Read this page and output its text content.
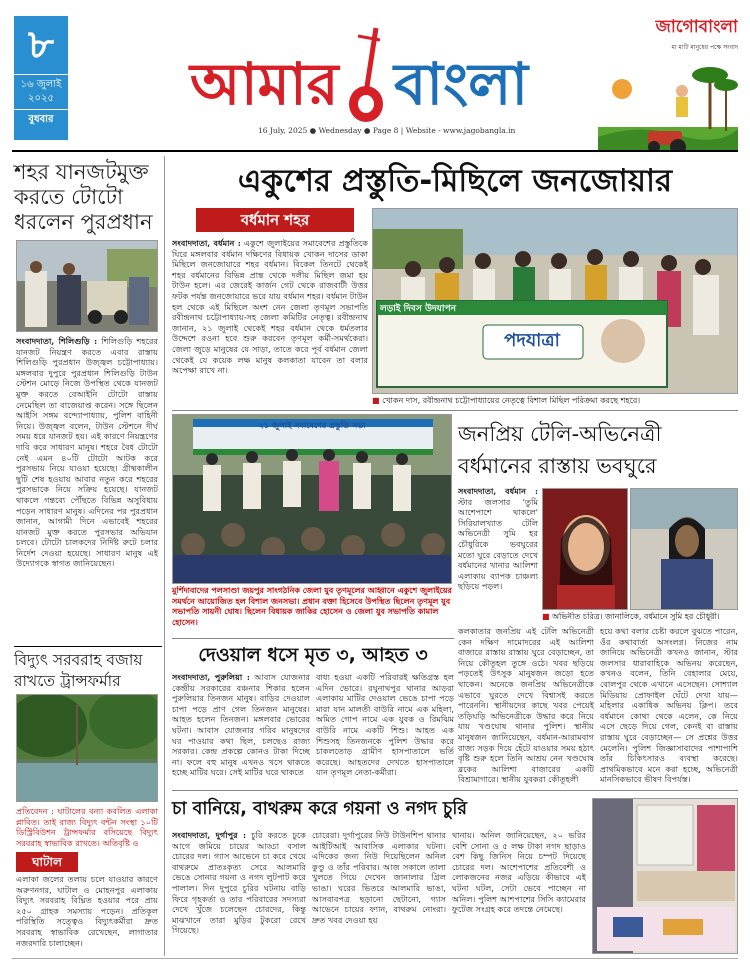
৮
১৬ জুলাই
২০২৫
বুধবার
আমার বাংলা
16 July, 2025 ● Wednesday ● Page 8 | Website - www.jagobangla.in
জাগোবাংলা
মা মাটি মানুষের পক্ষে সংবাদ
শহর যানজটমুক্ত করতে টোটো ধরলেন পুরপ্রধান
সংবাদদাতা, শিলিগুড়ি : শিলিগুড়ি শহরের যানজট নিয়ন্ত্রণ করতে এবার রাস্তায় শিলিগুড়ি পুরপ্রধান উজ্জ্বল চট্টোপাধ্যায়। মঙ্গলবার দুপুরে পুরপ্রধান শিলিগুড়ি টাউন স্টেশন মোড়ে নিজে উপস্থিত থেকে যানজট মুক্ত করতে বেআইনি টোটো রাস্তায় নেমেছিল তা বাজেয়াপ্ত করেন। সঙ্গে ছিলেন আইসি সঙ্গম বন্দ্যোপাধ্যায়, পুলিশ বাহিনী নিয়ে। উজ্জ্বল বলেন, টাউন স্টেশনে দীর্ঘ সময় ধরে যানজট হয়। এই কারণে নিয়ন্ত্রণের দাবি করে সাধারণ মানুষ। শহরে বৈধ টোটো নেই এমন ৪০টি টোটো আটক করে পুরসভায় নিয়ে যাওয়া হয়েছে। গ্রীষ্মকালীন ছুটি শেষ হওয়ায় আবার নতুন করে শহরের পুরসভাকে নিয়ে সক্রিয় হয়েছে। যানজট থাকলে গন্তব্যে পৌঁছতে বিভিন্ন অসুবিধায় পড়েন সাধারণ মানুষ। এদিনের পর পুরপ্রধান জানান, আগামী দিনে এভাবেই শহরের যানজট মুক্ত করতে পুরসভার অভিযান চলবে। টোটো চালকদের নির্দিষ্ট রুটে চলার নির্দেশ দেওয়া হয়েছে। সাধারণ মানুষ এই উদ্যোগকে স্বাগত জানিয়েছেন।
বিদ্যুৎ সরবরাহ বজায় রাখতে ট্রান্সফর্মার
প্রতিবেদন : ঘাটালের বন্যা কবলিত এলাকা প্লাবিত। তাই রাজ্য বিদ্যুৎ বন্টন সংস্থা ১০টি ডিস্ট্রিবিউশন ট্রান্সফর্মার বসিয়েছে বিদ্যুৎ সরবরাহ স্বাভাবিক রাখতে। অতিবৃষ্টি ও
ঘাটাল
এলাকা জলের তলায় চলে যাওয়ার কারণে অরুণনগর, ঘাটাল ও মোহনপুর এলাকায় বিদ্যুৎ সরবরাহ বিঘ্নিত হওয়ার পরে প্রায় ২৫০ গ্রাহক সমস্যায় পড়েন। প্রতিকূল পরিস্থিতি সত্ত্বেও বিদ্যুৎকর্মীরা দ্রুত সরবরাহ স্বাভাবিক রেখেছেন, লাগাতার নজরদারি চালাচ্ছেন।
একুশের প্রস্তুতি-মিছিলে জনজোয়ার
বর্ধমান শহর
সংবাদদাতা, বর্ধমান : একুশে জুলাইয়ের সমাবেশের প্রস্তুতিকে ঘিরে মঙ্গলবার বর্ধমান দক্ষিণের বিধায়ক খোকন দাসের ডাকা মিছিলে জনজোয়ারে শহর বর্ধমান। বিকেল তিনটে থেকেই শহর বর্ধমানের বিভিন্ন প্রান্ত থেকে দলীয় মিছিল জমা হয় টাউন হলে। এর জেরেই কার্জন গেট থেকে রাজবাটী উত্তর ফটক পর্যন্ত জনজোয়ারে ভরে যায় বর্ধমান শহর। বর্ধমান টাউন হল থেকে এই মিছিলে অংশ নেন জেলা তৃণমূল সভাপতি রবীন্দ্রনাথ চট্টোপাধ্যায়-সহ জেলা কমিটির নেতৃত্ব। রবীন্দ্রনাথ জানান, ২১ জুলাই থেকেই শহর বর্ধমান থেকে ধর্মতলার উদ্দেশে রওনা হবে শুরু করবেন তৃণমূল কর্মী-সমর্থকেরা। জেলা জুড়ে মানুষের যে সাড়া, তাতে করে পূর্ব বর্ধমান জেলা থেকেই যে কয়েক লক্ষ মানুষ কলকাতা যাবেন তা বলার অপেক্ষা রাখে না।
লড়াই দিবস উদযাপন
পদযাত্রা
■ খোকন দাস, রবীন্দ্রনাথ চট্টোপাধ্যায়ের নেতৃত্বে বিশাল মিছিল পরিক্রমা করছে শহরে।
২১ জুলাই সমাবেশের প্রস্তুতি সভা
মুর্শিদাবাদের পলসাণ্ডা জয়পুর সাংগঠনিক জেলা যুব তৃণমূলের আহ্বানে একুশে জুলাইয়ের সমর্থনে আয়োজিত হল বিশাল জনসভা। প্রধান বক্তা হিসেবে উপস্থিত ছিলেন তৃণমূল যুব সভাপতি সায়নী ঘোষ। ছিলেন বিধায়ক জাকির হোসেন ও জেলা যুব সভাপতি কামাল হোসেন।
জনপ্রিয় টেলি-অভিনেত্রী বর্ধমানের রাস্তায় ভবঘুরে
সংবাদদাতা, বর্ধমান : স্টার জলসার 'তুমি আশেপাশে থাকলে' সিরিয়ালখ্যাত টেলি অভিনেত্রী সুমি হর চৌধুরিকে ভবঘুরের মতো ঘুরে বেড়াতে দেখে বর্ধমানের খানার আলিশা এলাকায় ব্যাপক চাঞ্চল্য ছড়িয়ে পড়ল।
■ অভিনীত চরিত্র। জানালিকে, বর্ধমানে সুমি হর চৌধুরী।
কলকাতার জনপ্রিয় এই টেলি অভিনেত্রী কেন দক্ষিণ দামোদরের এই আলিশা বাজারে রাস্তায় রাস্তায় ঘুরে বেড়াচ্ছেন, তা নিয়ে কৌতূহল তুঙ্গে ওঠে। খবর ছড়িয়ে পড়তেই উৎসুক মানুষজন জড়ো হতে থাকেন। অনেকে জনপ্রিয় অভিনেত্রীকে এভাবে ঘুরতে দেখে বিশ্বাসই করতে পারেননি। স্থানীয়দের কাছে খবর পেয়েই তড়িঘড়ি অভিনেত্রীকে উদ্ধার করে নিয়ে যায় খণ্ডঘোষ থানার পুলিশ। স্থানীয় মানুষজন জানিয়েছেন, বর্ধমান-আরামবাগ রাজ্য সড়ক দিয়ে হেঁটে যাওয়ার সময় হঠাৎ বৃষ্টি শুরু হলে তিনি আশ্রয় নেন খণ্ডঘোষ ব্লকের আলিশা বাজারের একটি বিশ্রামাগারে। স্থানীয় যুবকরা কৌতূহলী
হয়ে কথা বলার চেষ্টা করলে বুঝতে পারেন, ওঁর কথাবার্তা অসংলগ্ন। নিজের নাম জানিয়ে অভিনেত্রী কখনও জানান, স্টার জলসার ধারাবাহিকে অভিনয় করেছেন, কখনও বলেন, তিনি বেহালার মেয়ে, বোলপুর থেকে এখানে এসেছেন। সোশ্যাল মিডিয়ায় প্রোফাইল ঘেঁটে দেখা যায়— মহিলার একাধিক অভিনয় ক্লিপ। তবে বর্ধমানে কোথা থেকে এলেন, কে নিয়ে এসে ছেড়ে দিয়ে গেল, কেনই বা রাস্তায় রাস্তায় ঘুরে বেড়াচ্ছেন— সে প্রশ্নের উত্তর মেলেনি। পুলিশ জিজ্ঞাসাবাদের পাশাপাশি তাঁর চিকিৎসারও ব্যবস্থা করেছে। প্রাথমিকভাবে মনে করা হচ্ছে, অভিনেত্রী মানসিকভাবে ভীষণ বিপর্যস্ত।
দেওয়াল ধসে মৃত ৩, আহত ৩
সংবাদদাতা, পুরুলিয়া : আবাস যোজনার কেন্দ্রীয় সরকারের বঞ্চনার শিকার হলেন পুরুলিয়ার তিনজন মানুষ। বাড়ির দেওয়াল চাপা পড়ে প্রাণ গেল তিনজন মানুষের। আহত হলেন তিনজন। মঙ্গলবার ভোরের ঘটনা। আবাস যোজনার গরিব মানুষদের ঘর পাওয়ার কথা ছিল, চলছেও রাজ্য সরকার। কেন্দ্র প্রকল্পে কোনও টাকা দিচ্ছে না। ফলে বহু মানুষ এখনও খসে থাকতে হচ্ছে মাটির ঘরে। সেই মাটির ঘরে থাকতে
বাধ্য হওয়া একটি পরিবারই ক্ষতিগ্রস্ত হল এদিন ভোরে। রঘুনাথপুর থানার আড়রা এলাকায় মাটির দেওয়াল ভেঙে চাপা পড়ে মারা যান মালতী বাউরি নামে এক মহিলা, অমিত গোপ নামে এক যুবক ও রিমঝিম বাউরি নামে একটি শিশু। আহত এক শিশুসহ তিনজনকে পুলিশ উদ্ধার করে চাকলতোড় গ্রামীণ হাসপাতালে ভর্তি করেছে। আহতদের দেখতে হাসপাতালে যান তৃণমূল নেতা-কর্মীরা।
চা বানিয়ে, বাথরুম করে গয়না ও নগদ চুরি
সংবাদদাতা, দুর্গাপুর : চুরি করতে ঢুকে আগে জমিয়ে চায়ের আড্ডা বসাল চোরের দল। গ্যাস আভেনে চা করে খেয়ে বাথরুমে প্রাতঃকৃত্য সেরে আলমারি ভেঙে সোনার গয়না ও নগদ লুটপাট করে পালাল। দিন দুপুরে চুরির ঘটনায় বাড়ি ফিরে গৃহকর্তা ও তার পরিবারের সদস্যরা দেখে খুঁজে চলেছেন চোরদের, কিন্তু মাঝখানে তারা মুড়ির টুকরো রেখে গিয়েছে।
চোরেরা। দুর্গাপুরের নিউ টাউনশিপ থানার আইটিআই আবাসিক এলাকার ঘটনা। এদিকের জন্য নিউ দিয়েছিলেন অনিল কুণ্ডু ও তাঁর পরিবার। আজ সকালে তালা খুলতে গিয়ে দেখেন জানালার গ্রিল ভাঙা। ঘরের ভিতরে আলমারি ভাঙা, আসবাবপত্র ছড়ানো ছেটানো, গ্যাস আভেনে চায়ের ফ্যান, বাথরুম নোংরা। দ্রুত খবর দেওয়া হয়
থানায়। অনিল জানিয়েছেন, ২০ ভরির বেশি সোনা ও ৫ লক্ষ টাকা নগদ ছাড়াও বেশ কিছু জিনিস নিয়ে চম্পট দিয়েছে চোরের দল। আশেপাশের প্রতিবেশী ও লোকজনের নজর এড়িয়ে কীভাবে এই ঘটনা ঘটল, সেটা ভেবে পাচ্ছেন না অনিল। পুলিশ আশপাশের সিসি ক্যামেরার ফুটেজ সংগ্রহ করে তদন্তে নেমেছে।
